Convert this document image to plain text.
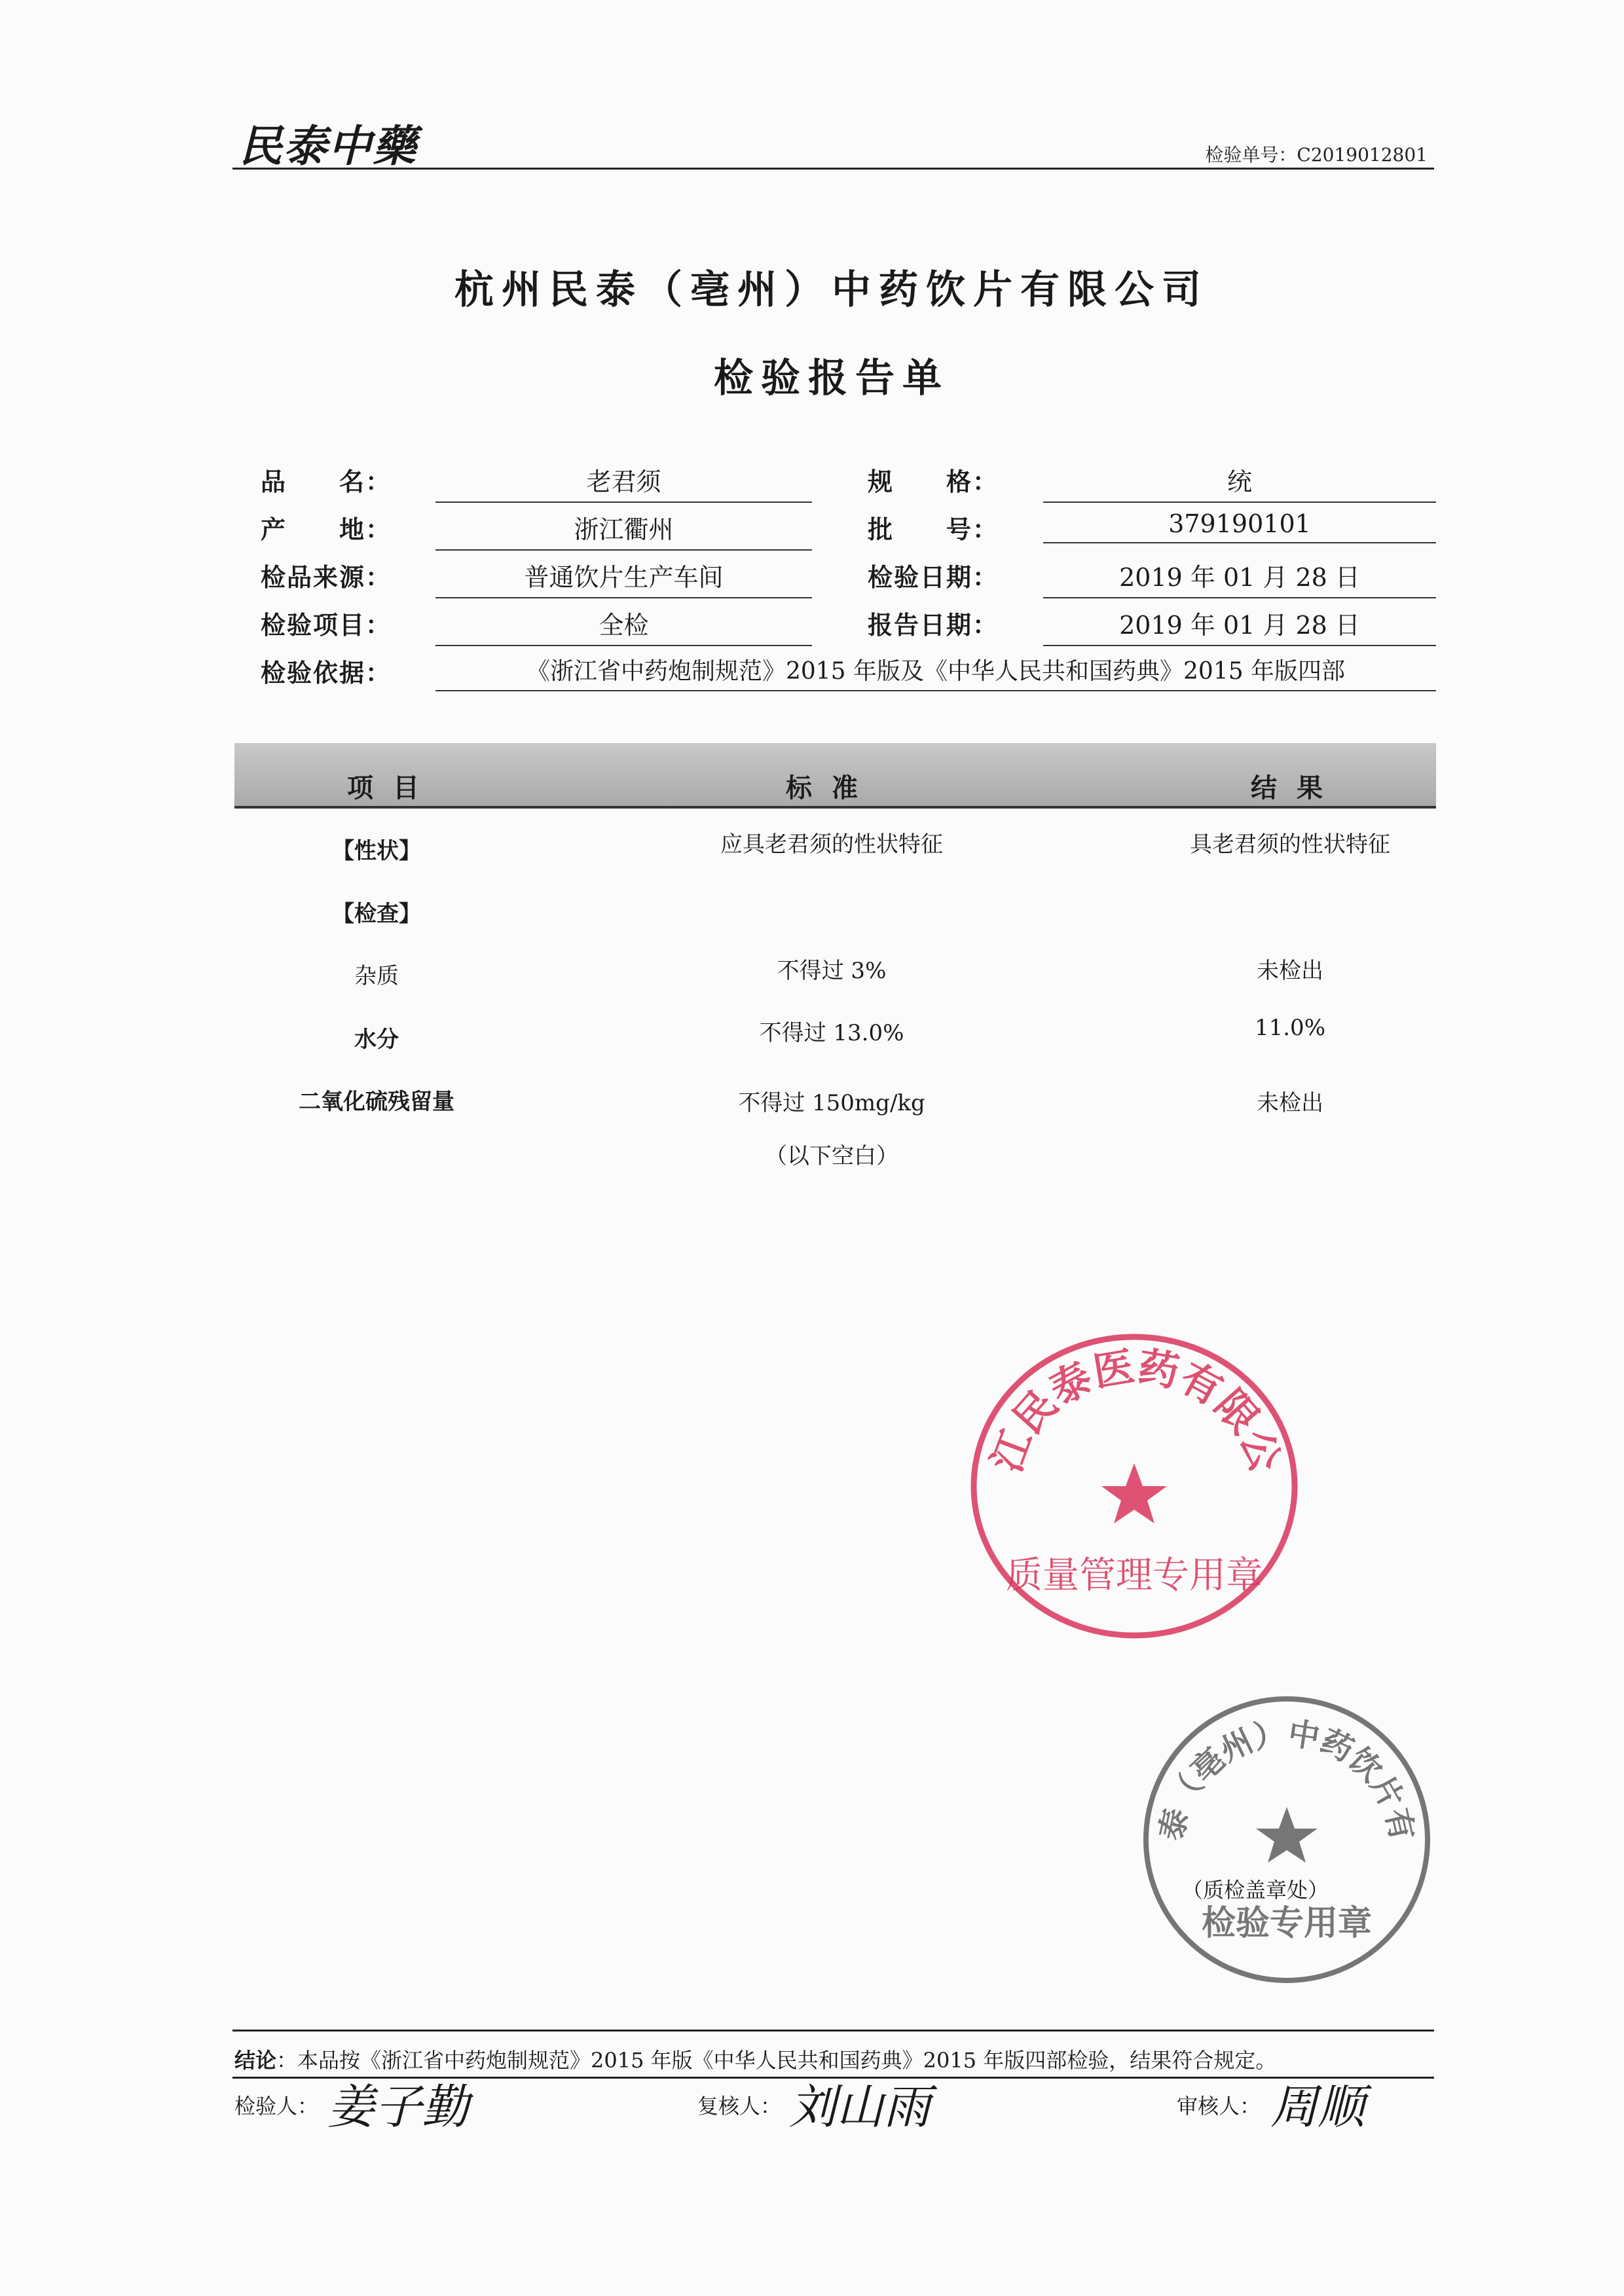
民泰中藥	检验单号：C2019012801
杭州民泰（亳州）中药饮片有限公司
检验报告单
品　　名：	老君须	规　　格：	统
产　　地：	浙江衢州	批　　号：	379190101
检品来源：	普通饮片生产车间	检验日期：	2019 年 01 月 28 日
检验项目：	全检	报告日期：	2019 年 01 月 28 日
检验依据：	《浙江省中药炮制规范》2015 年版及《中华人民共和国药典》2015 年版四部
项目	标准	结果
【性状】	应具老君须的性状特征	具老君须的性状特征
【检查】
杂质	不得过 3%	未检出
水分	不得过 13.0%	11.0%
二氧化硫残留量	不得过 150mg/kg	未检出
（以下空白）
江民泰医药有限公
质量管理专用章
泰（亳州）中药饮片有
检验专用章
（质检盖章处）
结论：本品按《浙江省中药炮制规范》2015 年版《中华人民共和国药典》2015 年版四部检验，结果符合规定。
检验人： 姜子勤	复核人： 刘山雨	审核人： 周顺
